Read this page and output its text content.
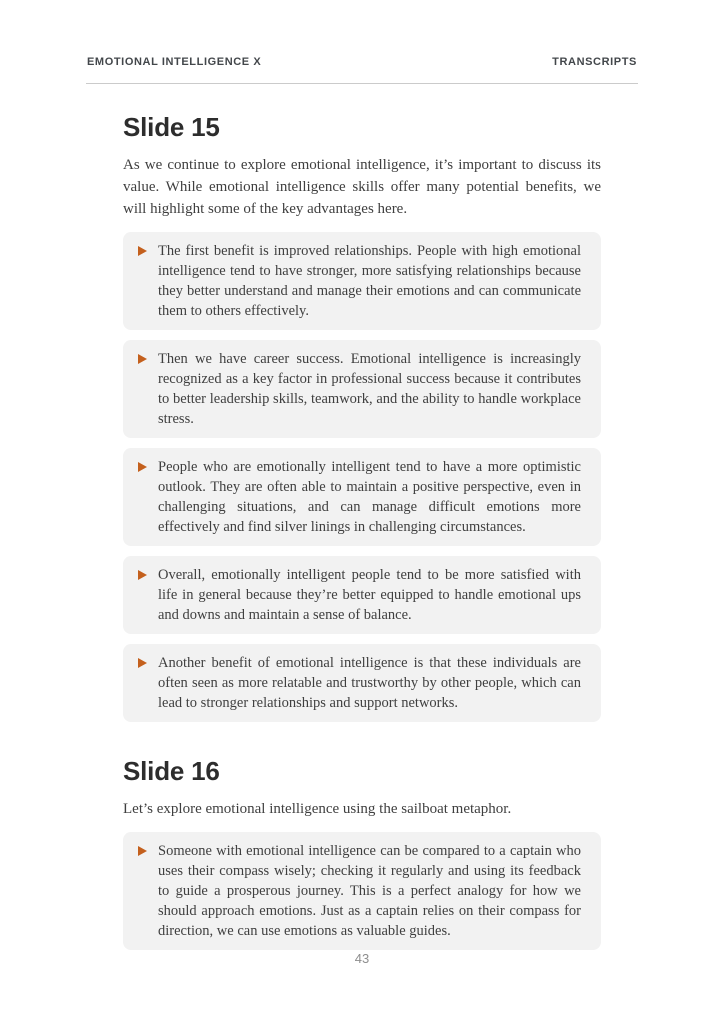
EMOTIONAL INTELLIGENCE X	TRANSCRIPTS
Slide 15

As we continue to explore emotional intelligence, it’s important to discuss its value. While emotional intelligence skills offer many potential benefits, we will highlight some of the key advantages here.

The first benefit is improved relationships. People with high emotional intelligence tend to have stronger, more satisfying relationships because they better understand and manage their emotions and can communicate them to others effectively.

Then we have career success. Emotional intelligence is increasingly recognized as a key factor in professional success because it contributes to better leadership skills, teamwork, and the ability to handle workplace stress.

People who are emotionally intelligent tend to have a more optimistic outlook. They are often able to maintain a positive perspective, even in challenging situations, and can manage difficult emotions more effectively and find silver linings in challenging circumstances.

Overall, emotionally intelligent people tend to be more satisfied with life in general because they’re better equipped to handle emotional ups and downs and maintain a sense of balance.

Another benefit of emotional intelligence is that these individuals are often seen as more relatable and trustworthy by other people, which can lead to stronger relationships and support networks.

Slide 16

Let’s explore emotional intelligence using the sailboat metaphor.

Someone with emotional intelligence can be compared to a captain who uses their compass wisely; checking it regularly and using its feedback to guide a prosperous journey. This is a perfect analogy for how we should approach emotions. Just as a captain relies on their compass for direction, we can use emotions as valuable guides.

43
